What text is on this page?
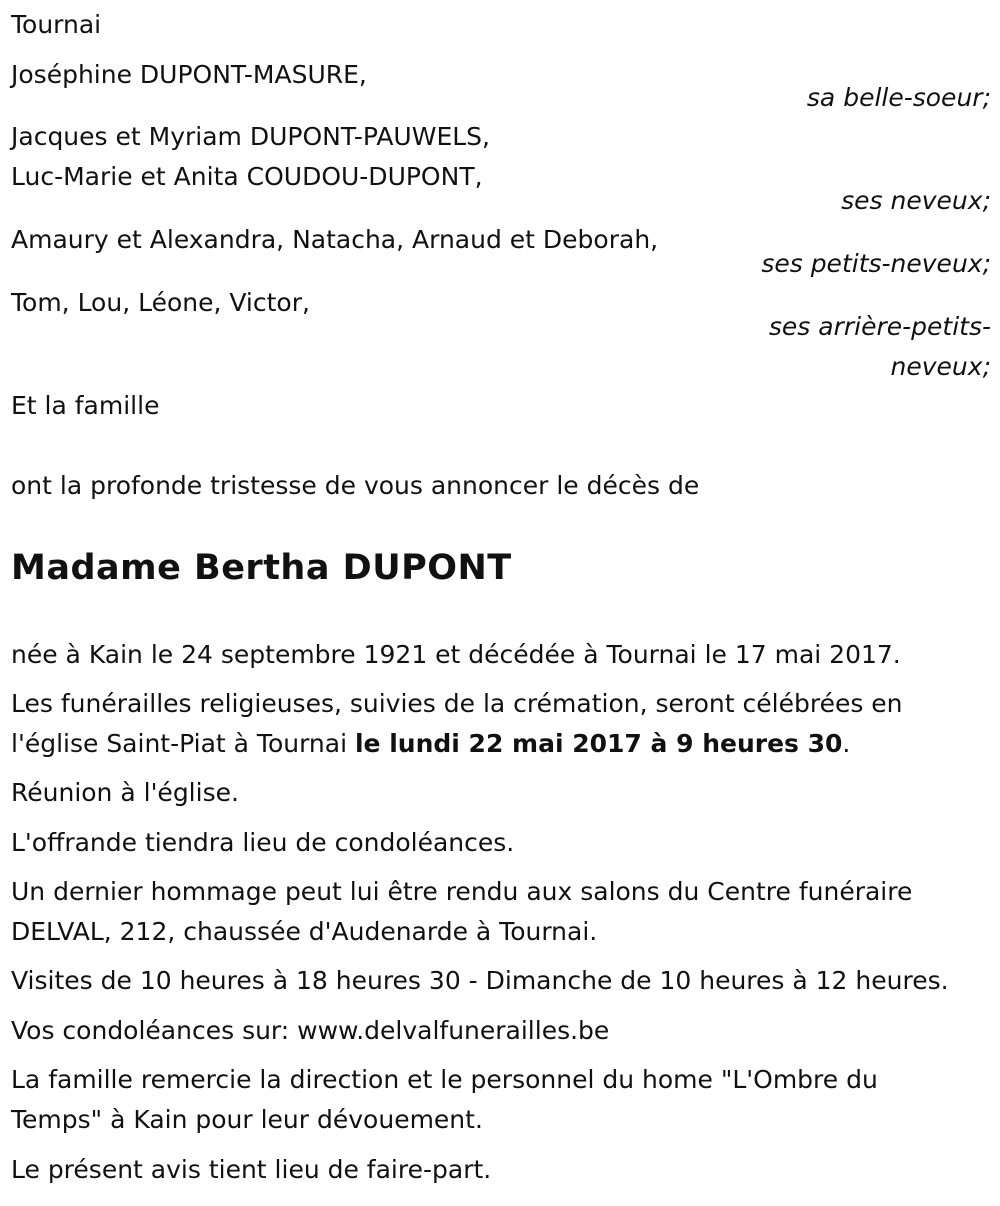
Tournai
Joséphine DUPONT-MASURE,
sa belle-soeur;
Jacques et Myriam DUPONT-PAUWELS,
Luc-Marie et Anita COUDOU-DUPONT,
ses neveux;
Amaury et Alexandra, Natacha, Arnaud et Deborah,
ses petits-neveux;
Tom, Lou, Léone, Victor,
ses arrière-petits-
neveux;
Et la famille
ont la profonde tristesse de vous annoncer le décès de
Madame Bertha DUPONT
née à Kain le 24 septembre 1921 et décédée à Tournai le 17 mai 2017.
Les funérailles religieuses, suivies de la crémation, seront célébrées en
l'église Saint-Piat à Tournai le lundi 22 mai 2017 à 9 heures 30.
Réunion à l'église.
L'offrande tiendra lieu de condoléances.
Un dernier hommage peut lui être rendu aux salons du Centre funéraire
DELVAL, 212, chaussée d'Audenarde à Tournai.
Visites de 10 heures à 18 heures 30 - Dimanche de 10 heures à 12 heures.
Vos condoléances sur: www.delvalfunerailles.be
La famille remercie la direction et le personnel du home "L'Ombre du
Temps" à Kain pour leur dévouement.
Le présent avis tient lieu de faire-part.
